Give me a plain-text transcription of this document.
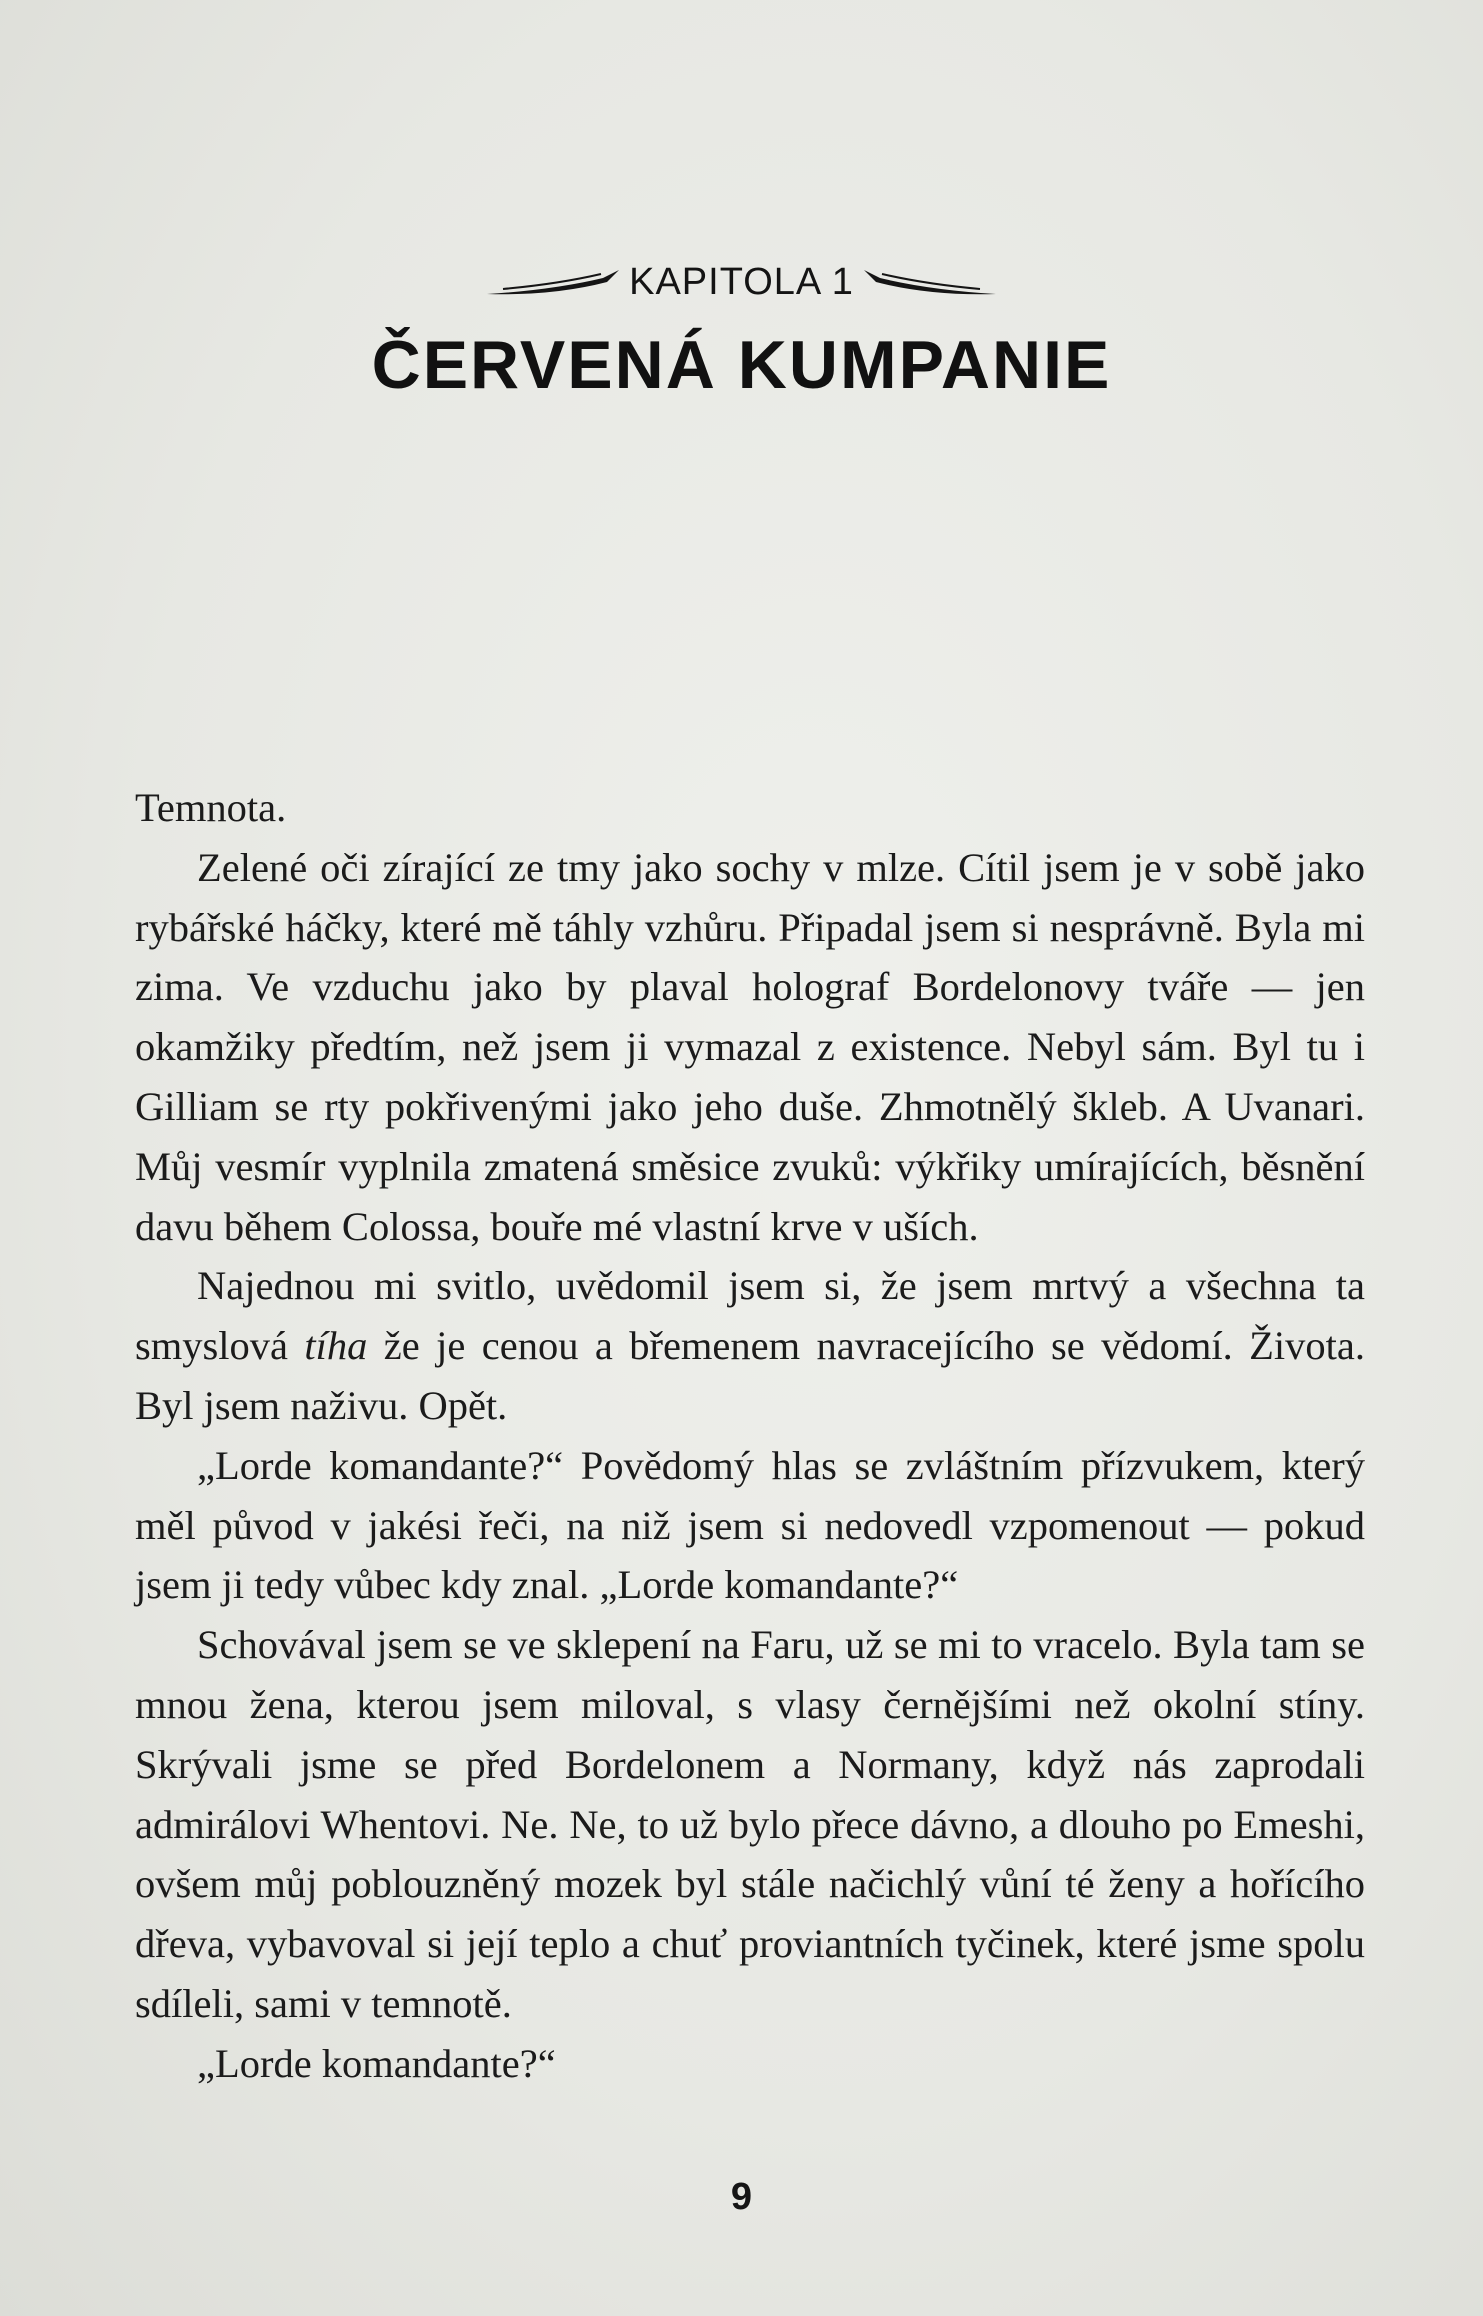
KAPITOLA 1
ČERVENÁ KUMPANIE

Temnota.

Zelené oči zírající ze tmy jako sochy v mlze. Cítil jsem je v sobě jako rybářské háčky, které mě táhly vzhůru. Připadal jsem si nesprávně. Byla mi zima. Ve vzduchu jako by plaval holograf Bordelonovy tváře — jen okamžiky předtím, než jsem ji vymazal z existence. Nebyl sám. Byl tu i Gilliam se rty pokřivenými jako jeho duše. Zhmotnělý škleb. A Uvanari. Můj vesmír vyplnila zmatená směsice zvuků: výkřiky umírajících, běsnění davu během Colossa, bouře mé vlastní krve v uších.

Najednou mi svitlo, uvědomil jsem si, že jsem mrtvý a všechna ta smyslová tíha že je cenou a břemenem navracejícího se vědomí. Života. Byl jsem naživu. Opět.

„Lorde komandante?“ Povědomý hlas se zvláštním přízvukem, který měl původ v jakési řeči, na niž jsem si nedovedl vzpomenout — pokud jsem ji tedy vůbec kdy znal. „Lorde komandante?“

Schovával jsem se ve sklepení na Faru, už se mi to vracelo. Byla tam se mnou žena, kterou jsem miloval, s vlasy černějšími než okolní stíny. Skrývali jsme se před Bordelonem a Normany, když nás zaprodali admirálovi Whentovi. Ne. Ne, to už bylo přece dávno, a dlouho po Emeshi, ovšem můj poblouzněný mozek byl stále načichlý vůní té ženy a hořícího dřeva, vybavoval si její teplo a chuť proviantních tyčinek, které jsme spolu sdíleli, sami v temnotě.

„Lorde komandante?“

9
